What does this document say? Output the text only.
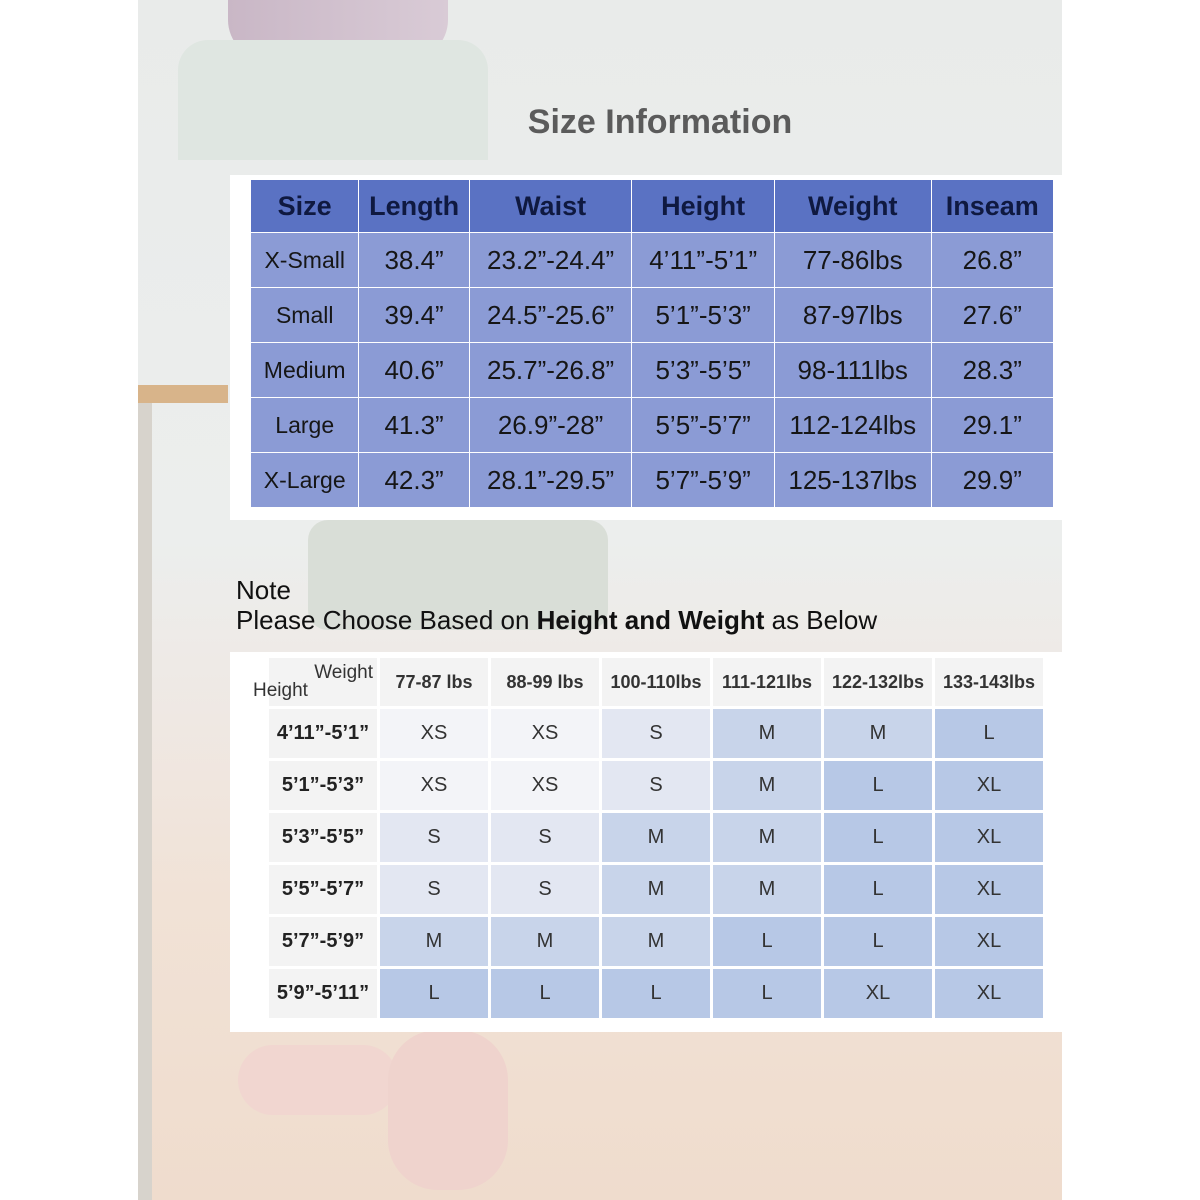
Size Information
Size	Length	Waist	Height	Weight	Inseam
X-Small	38.4”	23.2”-24.4”	4’11”-5’1”	77-86lbs	26.8”
Small	39.4”	24.5”-25.6”	5’1”-5’3”	87-97lbs	27.6”
Medium	40.6”	25.7”-26.8”	5’3”-5’5”	98-111lbs	28.3”
Large	41.3”	26.9”-28”	5’5”-5’7”	112-124lbs	29.1”
X-Large	42.3”	28.1”-29.5”	5’7”-5’9”	125-137lbs	29.9”
Note
Please Choose Based on Height and Weight as Below
Weight
Height	77-87 lbs	88-99 lbs	100-110lbs	111-121lbs	122-132lbs	133-143lbs
4’11”-5’1”	XS	XS	S	M	M	L
5’1”-5’3”	XS	XS	S	M	L	XL
5’3”-5’5”	S	S	M	M	L	XL
5’5”-5’7”	S	S	M	M	L	XL
5’7”-5’9”	M	M	M	L	L	XL
5’9”-5’11”	L	L	L	L	XL	XL
